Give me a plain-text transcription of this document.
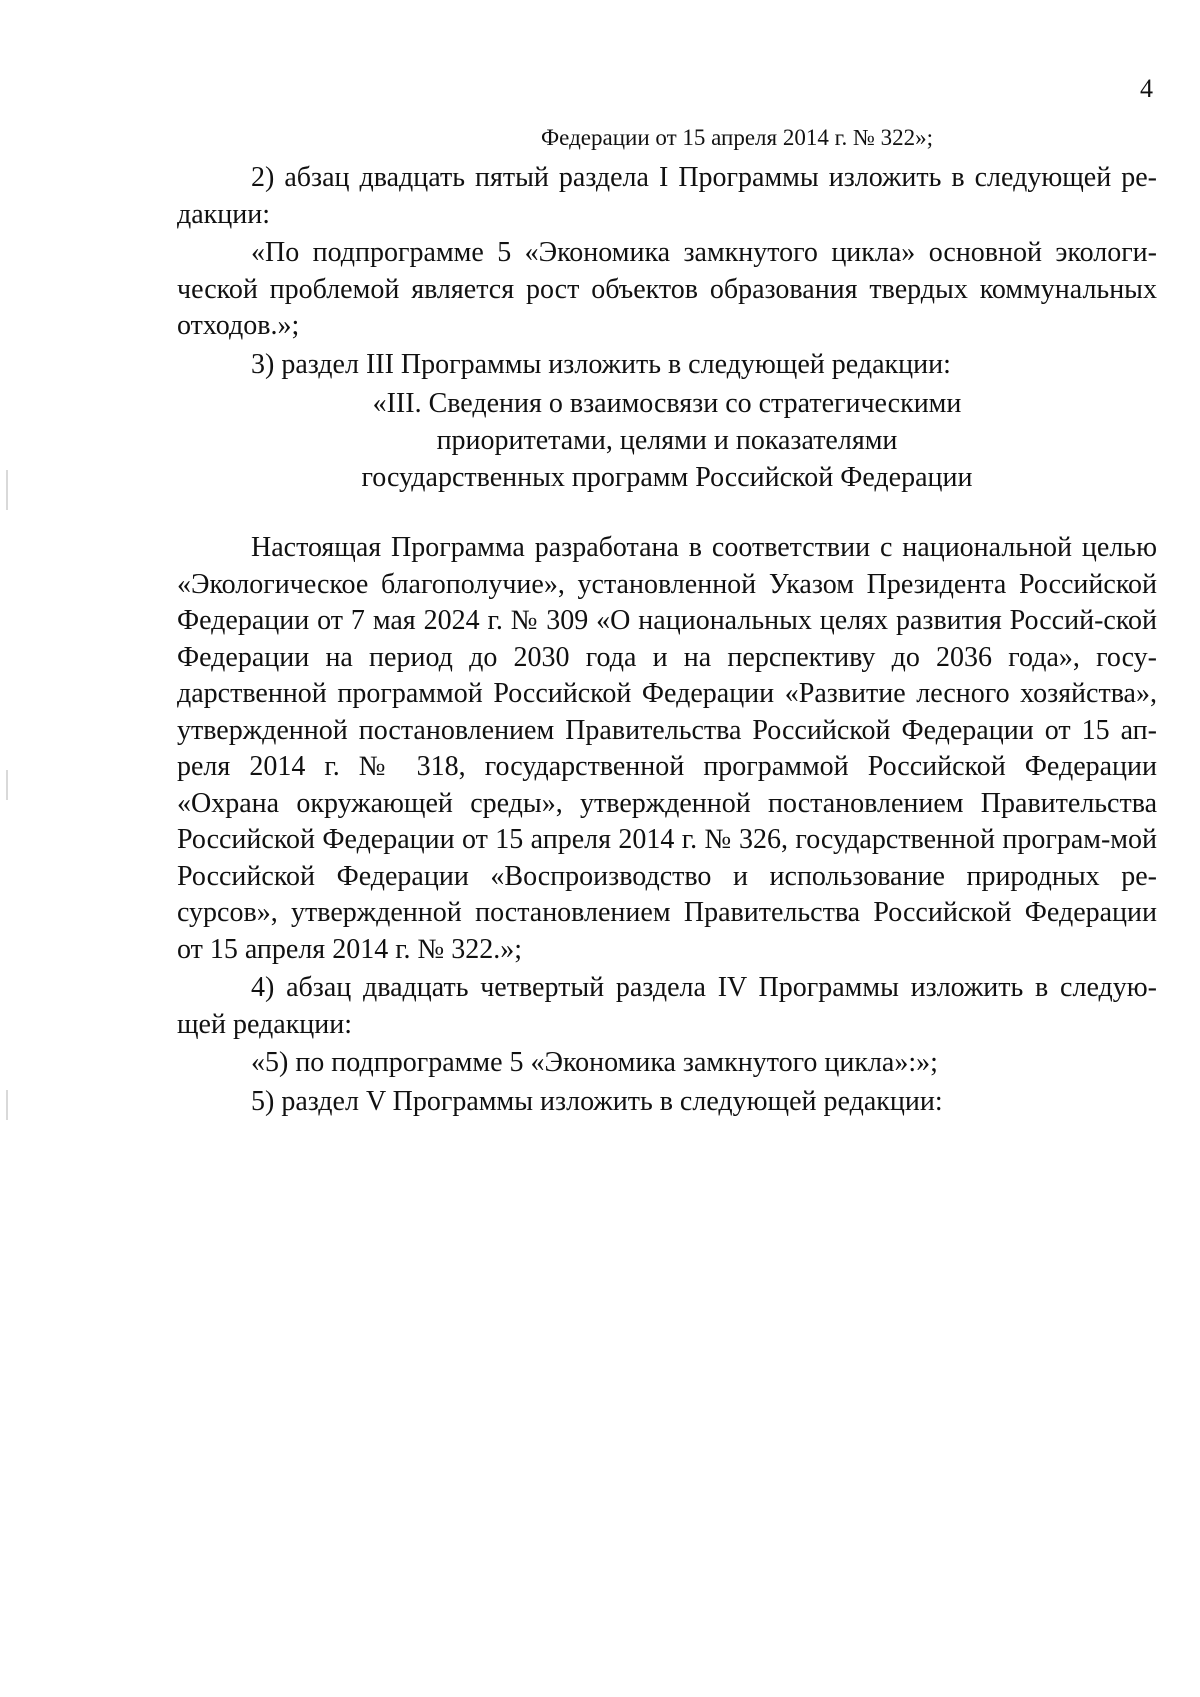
4
Федерации от 15 апреля 2014 г. № 322»;

2) абзац двадцать пятый раздела I Программы изложить в следующей ре-дакции:

«По подпрограмме 5 «Экономика замкнутого цикла» основной экологи-ческой проблемой является рост объектов образования твердых коммунальных отходов.»;

3) раздел III Программы изложить в следующей редакции:

«III. Сведения о взаимосвязи со стратегическими
приоритетами, целями и показателями
государственных программ Российской Федерации

Настоящая Программа разработана в соответствии с национальной целью «Экологическое благополучие», установленной Указом Президента Российской Федерации от 7 мая 2024 г. № 309 «О национальных целях развития Россий-ской Федерации на период до 2030 года и на перспективу до 2036 года», госу-дарственной программой Российской Федерации «Развитие лесного хозяйства», утвержденной постановлением Правительства Российской Федерации от 15 ап-реля 2014 г. № 318, государственной программой Российской Федерации «Охрана окружающей среды», утвержденной постановлением Правительства Российской Федерации от 15 апреля 2014 г. № 326, государственной програм-мой Российской Федерации «Воспроизводство и использование природных ре-сурсов», утвержденной постановлением Правительства Российской Федерации от 15 апреля 2014 г. № 322.»;

4) абзац двадцать четвертый раздела IV Программы изложить в следую-щей редакции:

«5) по подпрограмме 5 «Экономика замкнутого цикла»:»;

5) раздел V Программы изложить в следующей редакции:
